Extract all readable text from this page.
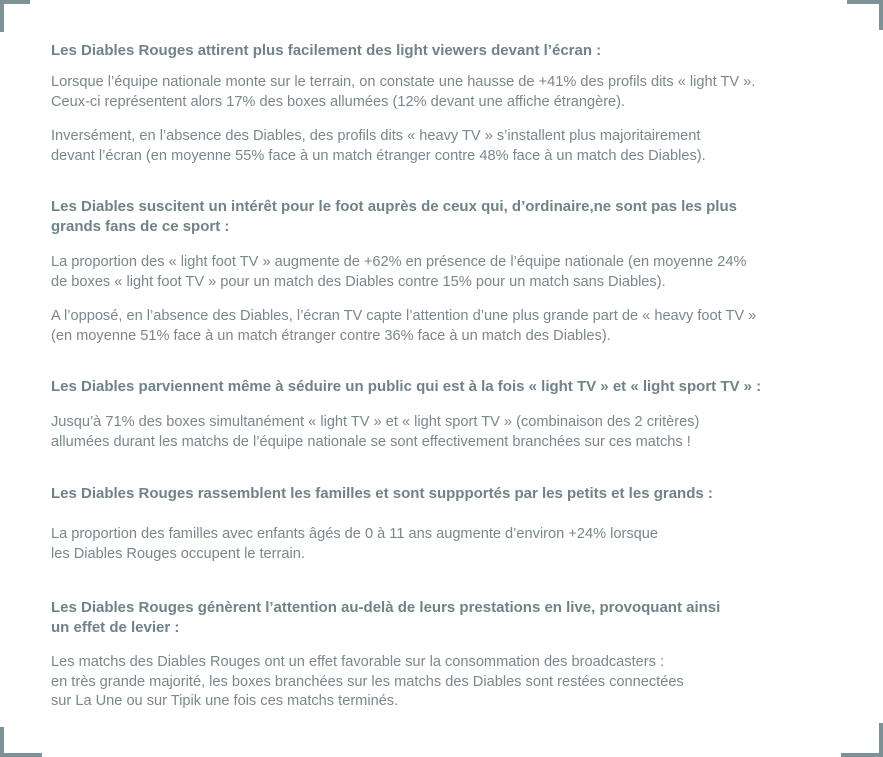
Les Diables Rouges attirent plus facilement des light viewers devant l’écran :

Lorsque l’équipe nationale monte sur le terrain, on constate une hausse de +41% des profils dits « light TV ».
Ceux-ci représentent alors 17% des boxes allumées (12% devant une affiche étrangère).

Inversément, en l’absence des Diables, des profils dits « heavy TV » s’installent plus majoritairement
devant l’écran (en moyenne 55% face à un match étranger contre 48% face à un match des Diables).

Les Diables suscitent un intérêt pour le foot auprès de ceux qui, d’ordinaire,ne sont pas les plus
grands fans de ce sport :

La proportion des « light foot TV » augmente de +62% en présence de l’équipe nationale (en moyenne 24%
de boxes « light foot TV » pour un match des Diables contre 15% pour un match sans Diables).

A l’opposé, en l’absence des Diables, l’écran TV capte l’attention d’une plus grande part de « heavy foot TV »
(en moyenne 51% face à un match étranger contre 36% face à un match des Diables).

Les Diables parviennent même à séduire un public qui est à la fois « light TV » et « light sport TV » :

Jusqu’à 71% des boxes simultanément « light TV » et « light sport TV » (combinaison des 2 critères)
allumées durant les matchs de l’équipe nationale se sont effectivement branchées sur ces matchs !

Les Diables Rouges rassemblent les familles et sont suppportés par les petits et les grands :

La proportion des familles avec enfants âgés de 0 à 11 ans augmente d’environ +24% lorsque
les Diables Rouges occupent le terrain.

Les Diables Rouges génèrent l’attention au-delà de leurs prestations en live, provoquant ainsi
un effet de levier :

Les matchs des Diables Rouges ont un effet favorable sur la consommation des broadcasters :
en très grande majorité, les boxes branchées sur les matchs des Diables sont restées connectées
sur La Une ou sur Tipik une fois ces matchs terminés.
